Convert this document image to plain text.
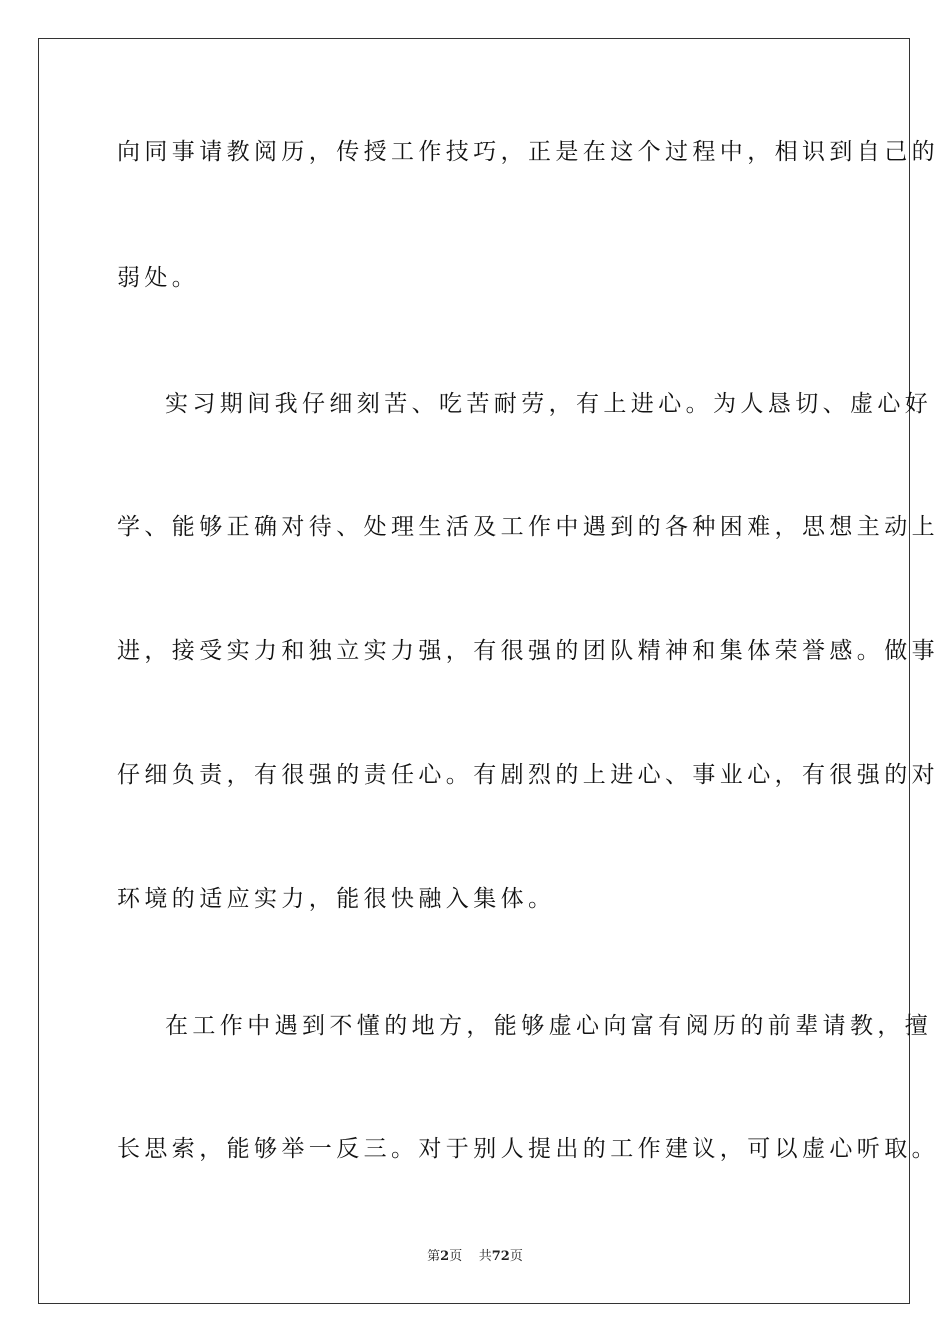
向同事请教阅历，传授工作技巧，正是在这个过程中，相识到自己的
弱处。
实习期间我仔细刻苦、吃苦耐劳，有上进心。为人恳切、虚心好
学、能够正确对待、处理生活及工作中遇到的各种困难，思想主动上
进，接受实力和独立实力强，有很强的团队精神和集体荣誉感。做事
仔细负责，有很强的责任心。有剧烈的上进心、事业心，有很强的对
环境的适应实力，能很快融入集体。
在工作中遇到不懂的地方，能够虚心向富有阅历的前辈请教，擅
长思索，能够举一反三。对于别人提出的工作建议，可以虚心听取。
第2页 共72页
